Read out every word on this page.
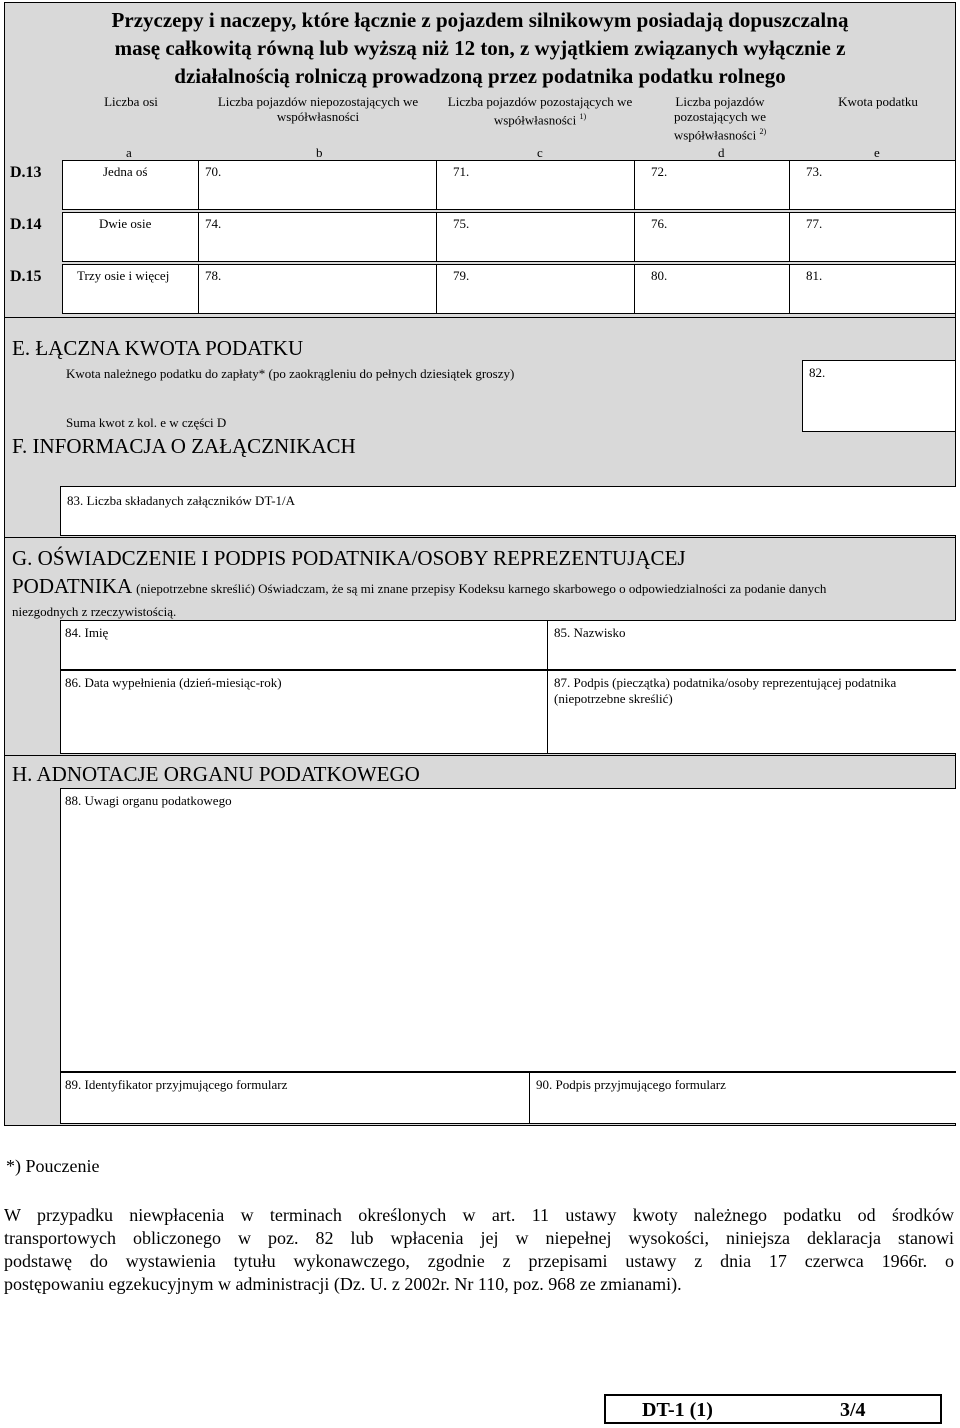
Przyczepy i naczepy, które łącznie z pojazdem silnikowym posiadają dopuszczalną
masę całkowitą równą lub wyższą niż 12 ton, z wyjątkiem związanych wyłącznie z
działalnością rolniczą prowadzoną przez podatnika podatku rolnego
Liczba osi	Liczba pojazdów niepozostających we współwłasności
Liczba pojazdów pozostających we współwłasności $^{1)}$
Liczba pojazdów pozostających we współwłasności $^{2)}$
Kwota podatku
a	b	c	d	e
D.13	Jedna oś	70.	71.	72.	73.
D.14	Dwie osie	74.	75.	76.	77.
D.15	Trzy osie i więcej	78.	79.	80.	81.
E. ŁĄCZNA KWOTA PODATKU
Kwota należnego podatku do zapłaty* (po zaokrągleniu do pełnych dziesiątek groszy)
Suma kwot z kol. e w części D
82.
F. INFORMACJA O ZAŁĄCZNIKACH
83. Liczba składanych załączników DT-1/A
G. OŚWIADCZENIE I PODPIS PODATNIKA/OSOBY REPREZENTUJĄCEJ
PODATNIKA (niepotrzebne skreślić) Oświadczam, że są mi znane przepisy Kodeksu karnego skarbowego o odpowiedzialności za podanie danych
niezgodnych z rzeczywistością.
84. Imię	85. Nazwisko
86. Data wypełnienia (dzień-miesiąc-rok)	87. Podpis (pieczątka) podatnika/osoby reprezentującej podatnika
(niepotrzebne skreślić)
H. ADNOTACJE ORGANU PODATKOWEGO
88. Uwagi organu podatkowego
89. Identyfikator przyjmującego formularz	90. Podpis przyjmującego formularz
*) Pouczenie
W przypadku niewpłacenia w terminach określonych w art. 11 ustawy kwoty należnego podatku od środków
transportowych obliczonego w poz. 82 lub wpłacenia jej w niepełnej wysokości, niniejsza deklaracja stanowi
podstawę do wystawienia tytułu wykonawczego, zgodnie z przepisami ustawy z dnia 17 czerwca 1966r. o
postępowaniu egzekucyjnym w administracji (Dz. U. z 2002r. Nr 110, poz. 968 ze zmianami).
DT-1 (1)	3/4
